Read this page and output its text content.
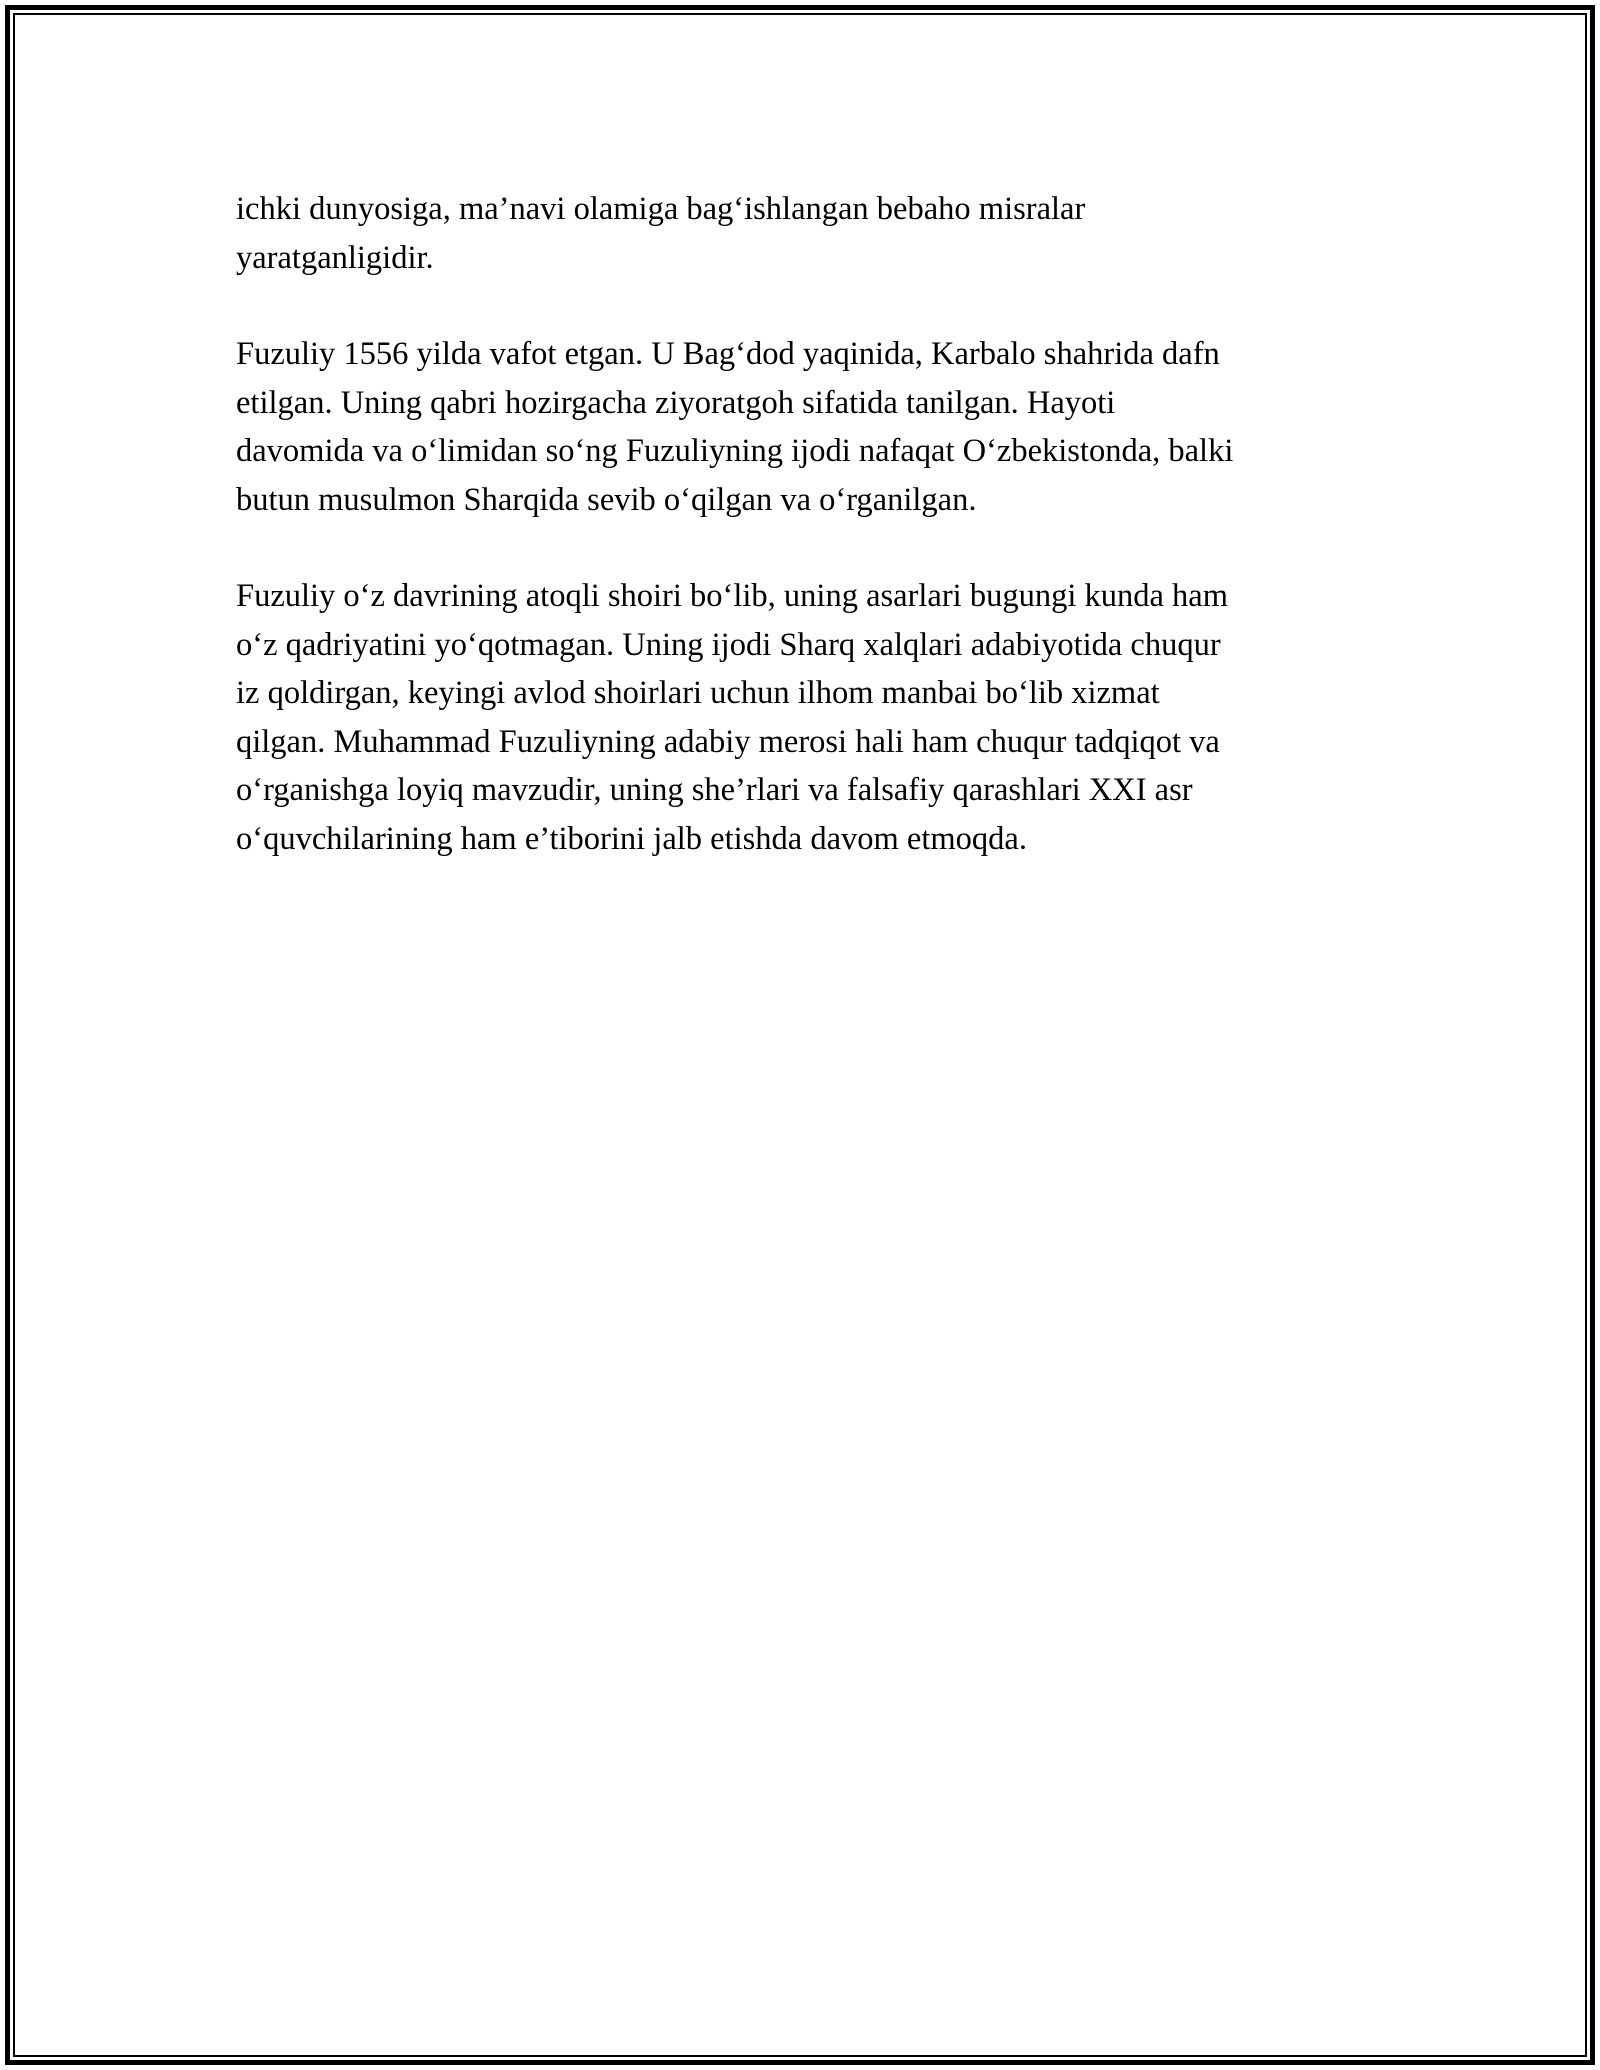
ichki dunyosiga, ma’navi olamiga bag‘ishlangan bebaho misralar
yaratganligidir.

Fuzuliy 1556 yilda vafot etgan. U Bag‘dod yaqinida, Karbalo shahrida dafn
etilgan. Uning qabri hozirgacha ziyoratgoh sifatida tanilgan. Hayoti
davomida va o‘limidan so‘ng Fuzuliyning ijodi nafaqat O‘zbekistonda, balki
butun musulmon Sharqida sevib o‘qilgan va o‘rganilgan.

Fuzuliy o‘z davrining atoqli shoiri bo‘lib, uning asarlari bugungi kunda ham
o‘z qadriyatini yo‘qotmagan. Uning ijodi Sharq xalqlari adabiyotida chuqur
iz qoldirgan, keyingi avlod shoirlari uchun ilhom manbai bo‘lib xizmat
qilgan. Muhammad Fuzuliyning adabiy merosi hali ham chuqur tadqiqot va
o‘rganishga loyiq mavzudir, uning she’rlari va falsafiy qarashlari XXI asr
o‘quvchilarining ham e’tiborini jalb etishda davom etmoqda.
